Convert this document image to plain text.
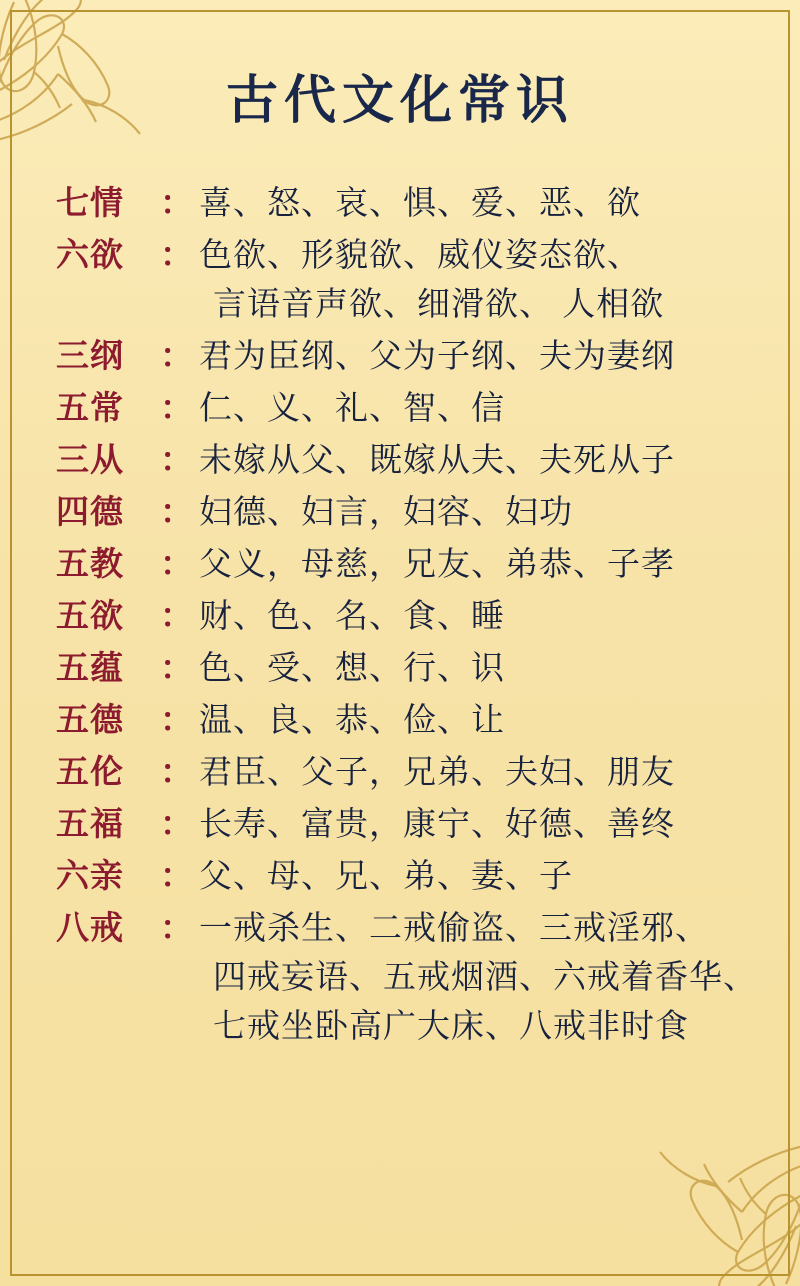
古代文化常识
七情	： 喜、怒、哀、惧、爱、恶、欲
六欲	： 色欲、形貌欲、威仪姿态欲、
言语音声欲、细滑欲、 人相欲
三纲	： 君为臣纲、父为子纲、夫为妻纲
五常	： 仁、义、礼、智、信
三从	： 未嫁从父、既嫁从夫、夫死从子
四德	： 妇德、妇言，妇容、妇功
五教	： 父义，母慈，兄友、弟恭、子孝
五欲	： 财、色、名、食、睡
五蕴	： 色、受、想、行、识
五德	： 温、良、恭、俭、让
五伦	： 君臣、父子，兄弟、夫妇、朋友
五福	： 长寿、富贵，康宁、好德、善终
六亲	： 父、母、兄、弟、妻、子
八戒	： 一戒杀生、二戒偷盗、三戒淫邪、
四戒妄语、五戒烟酒、六戒着香华、
七戒坐卧高广大床、八戒非时食
